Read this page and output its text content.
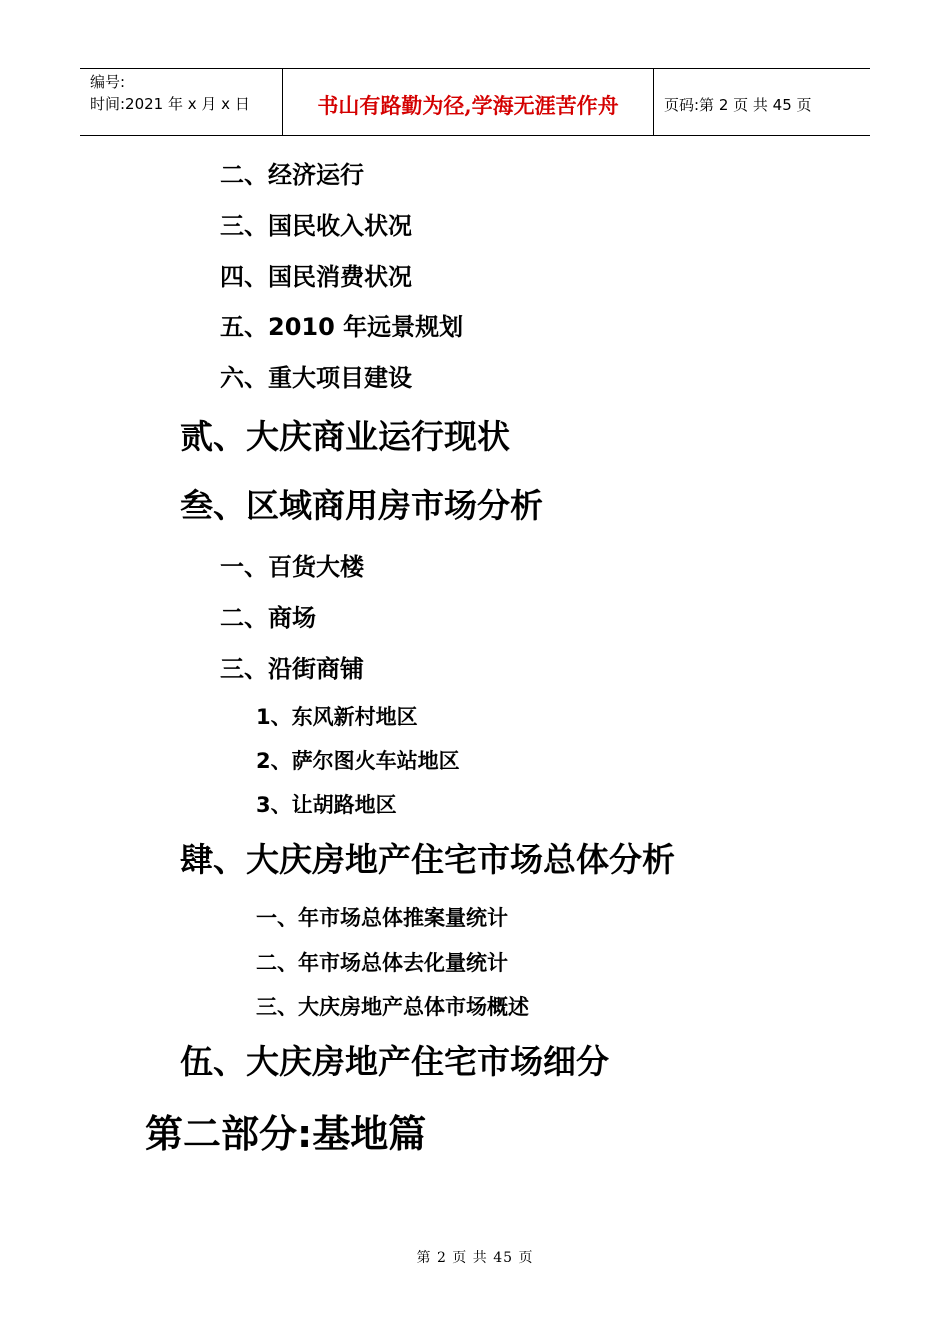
编号:
时间:2021 年 x 月 x 日	书山有路勤为径,学海无涯苦作舟	页码:第 2 页 共 45 页
二、经济运行
三、国民收入状况
四、国民消费状况
五、2010 年远景规划
六、重大项目建设
贰、大庆商业运行现状
叁、区域商用房市场分析
一、百货大楼
二、商场
三、沿街商铺
1、东风新村地区
2、萨尔图火车站地区
3、让胡路地区
肆、大庆房地产住宅市场总体分析
一、年市场总体推案量统计
二、年市场总体去化量统计
三、大庆房地产总体市场概述
伍、大庆房地产住宅市场细分
第二部分:基地篇
第 2 页 共 45 页
